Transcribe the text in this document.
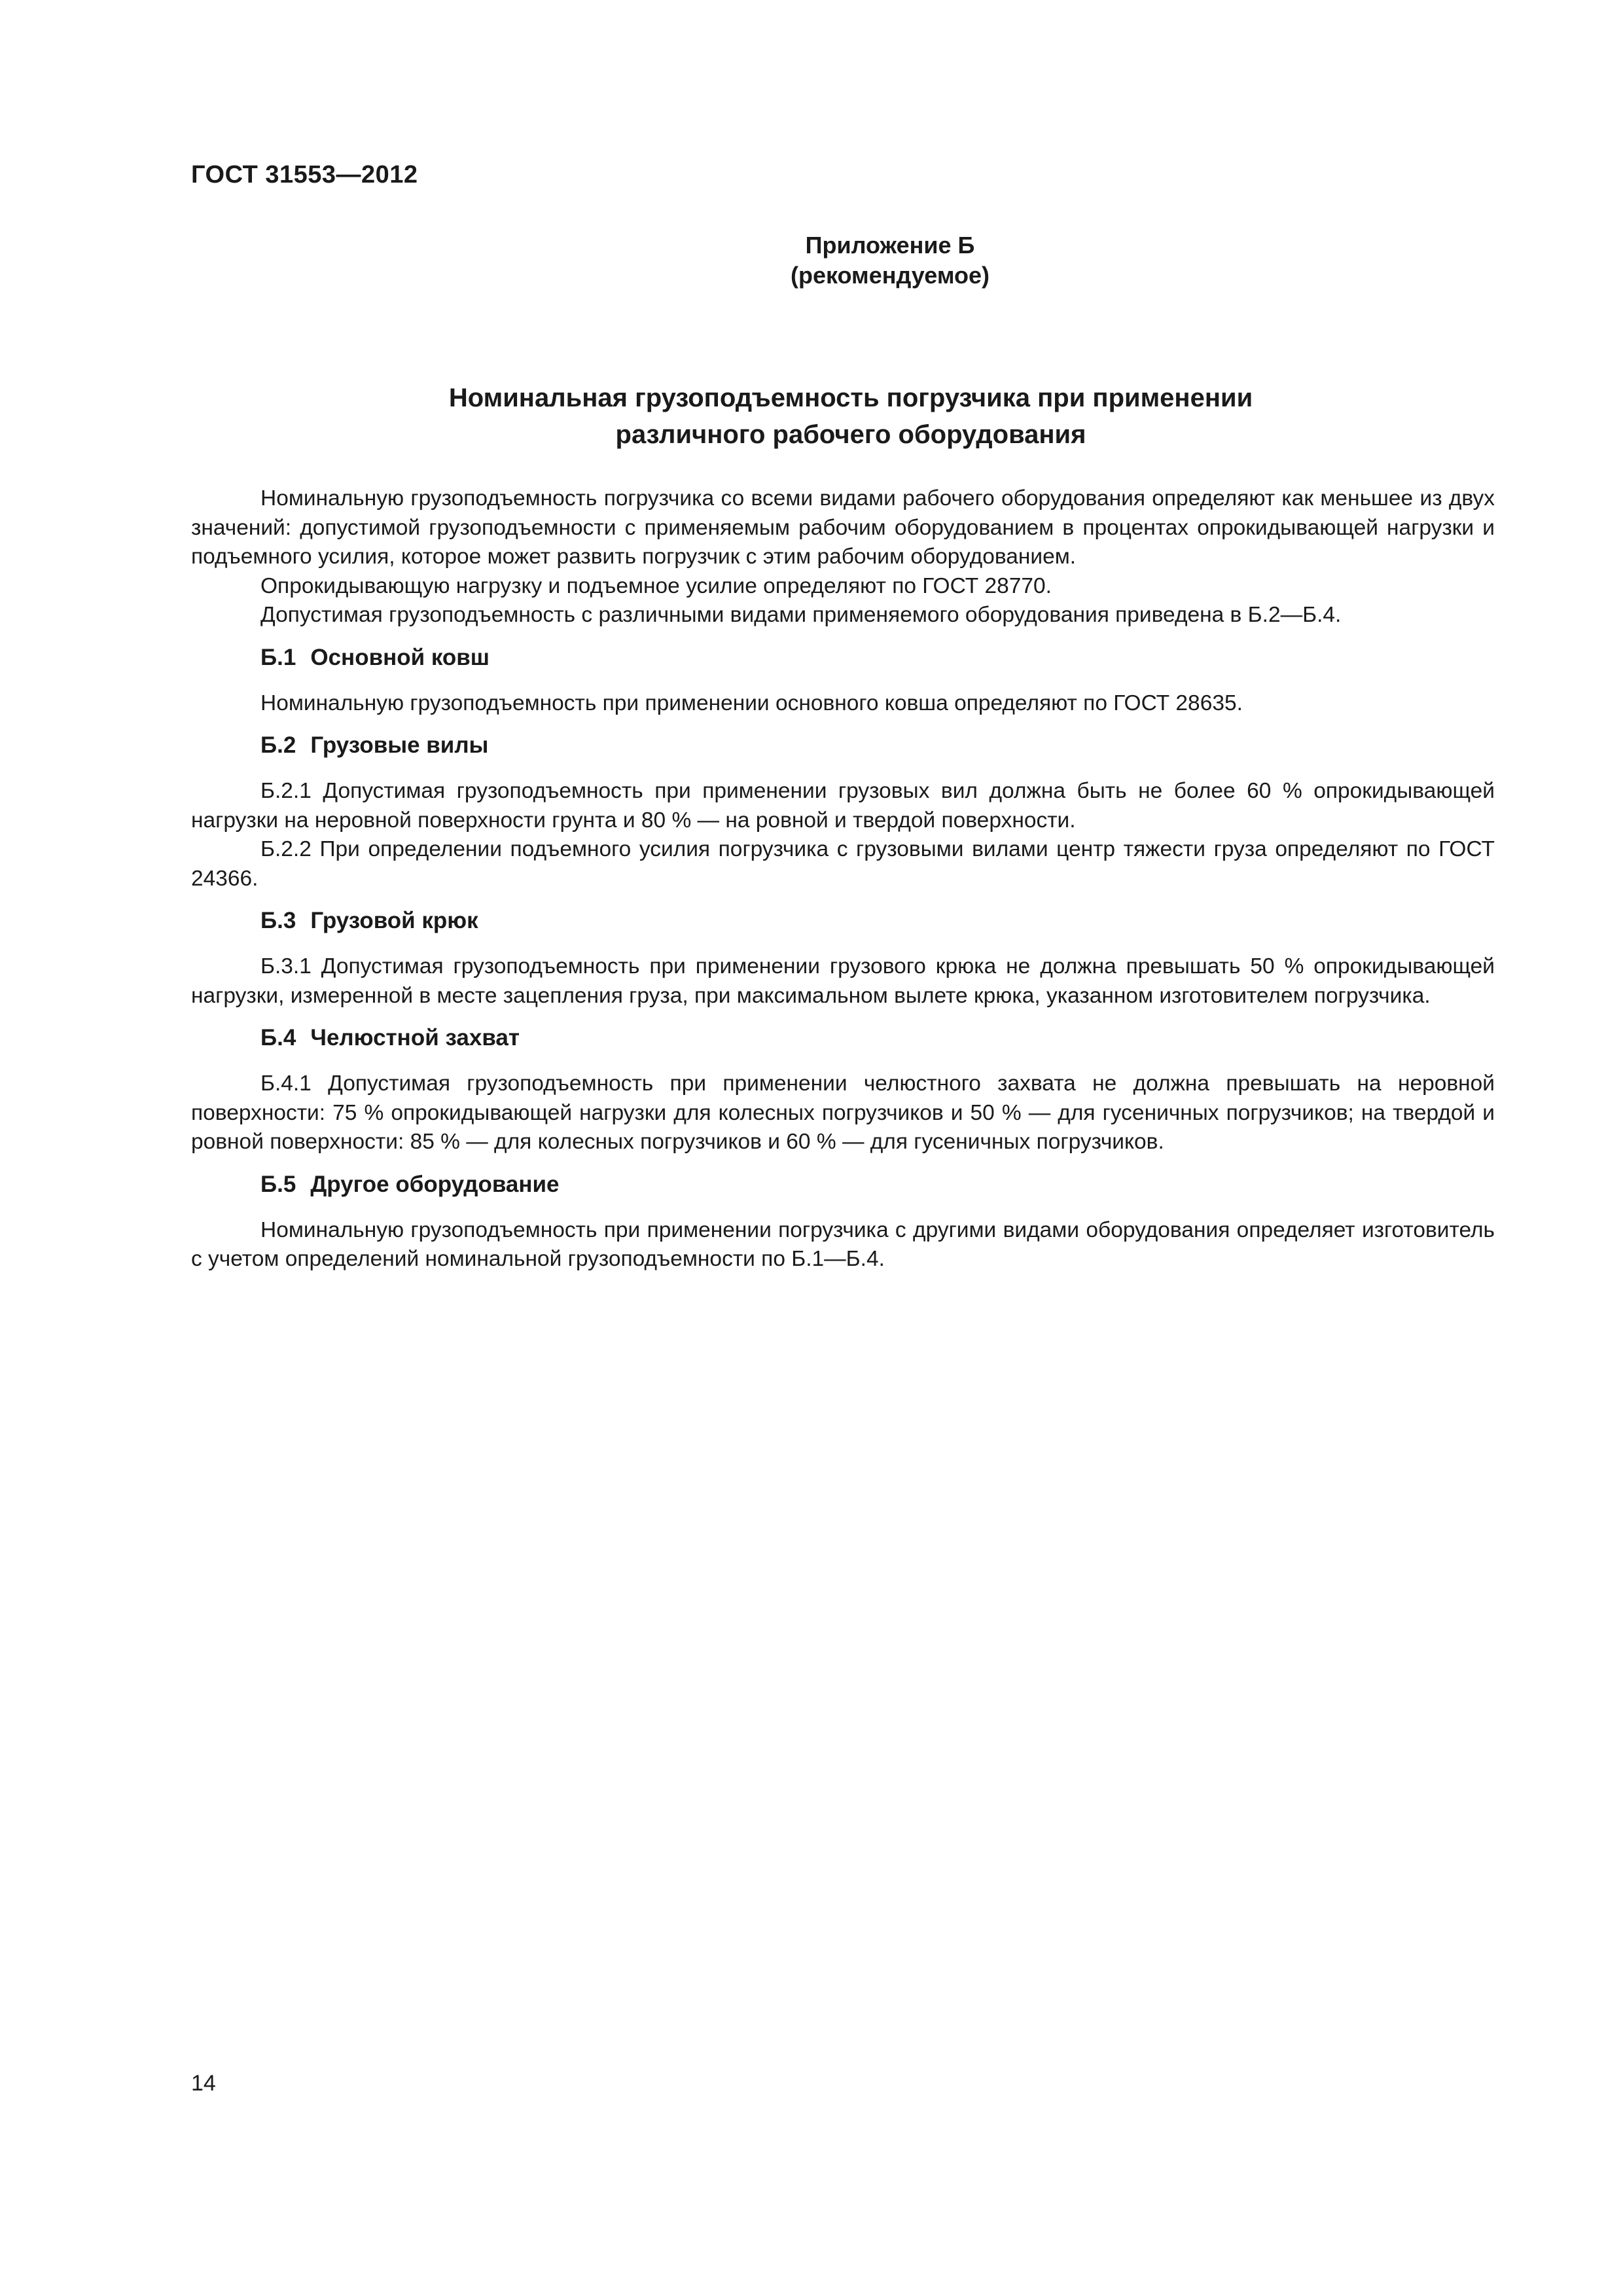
ГОСТ 31553—2012
Приложение Б
(рекомендуемое)
Номинальная грузоподъемность погрузчика при применении
различного рабочего оборудования

Номинальную грузоподъемность погрузчика со всеми видами рабочего оборудования определяют как меньшее из двух значений: допустимой грузоподъемности с применяемым рабочим оборудованием в процентах опрокидывающей нагрузки и подъемного усилия, которое может развить погрузчик с этим рабочим оборудованием.

Опрокидывающую нагрузку и подъемное усилие определяют по ГОСТ 28770.

Допустимая грузоподъемность с различными видами применяемого оборудования приведена в Б.2—Б.4.

Б.1 Основной ковш

Номинальную грузоподъемность при применении основного ковша определяют по ГОСТ 28635.

Б.2 Грузовые вилы

Б.2.1 Допустимая грузоподъемность при применении грузовых вил должна быть не более 60 % опрокидывающей нагрузки на неровной поверхности грунта и 80 % — на ровной и твердой поверхности.

Б.2.2 При определении подъемного усилия погрузчика с грузовыми вилами центр тяжести груза определяют по ГОСТ 24366.

Б.3 Грузовой крюк

Б.3.1 Допустимая грузоподъемность при применении грузового крюка не должна превышать 50 % опрокидывающей нагрузки, измеренной в месте зацепления груза, при максимальном вылете крюка, указанном изготовителем погрузчика.

Б.4 Челюстной захват

Б.4.1 Допустимая грузоподъемность при применении челюстного захвата не должна превышать на неровной поверхности: 75 % опрокидывающей нагрузки для колесных погрузчиков и 50 % — для гусеничных погрузчиков; на твердой и ровной поверхности: 85 % — для колесных погрузчиков и 60 % — для гусеничных погрузчиков.

Б.5 Другое оборудование

Номинальную грузоподъемность при применении погрузчика с другими видами оборудования определяет изготовитель с учетом определений номинальной грузоподъемности по Б.1—Б.4.

14
